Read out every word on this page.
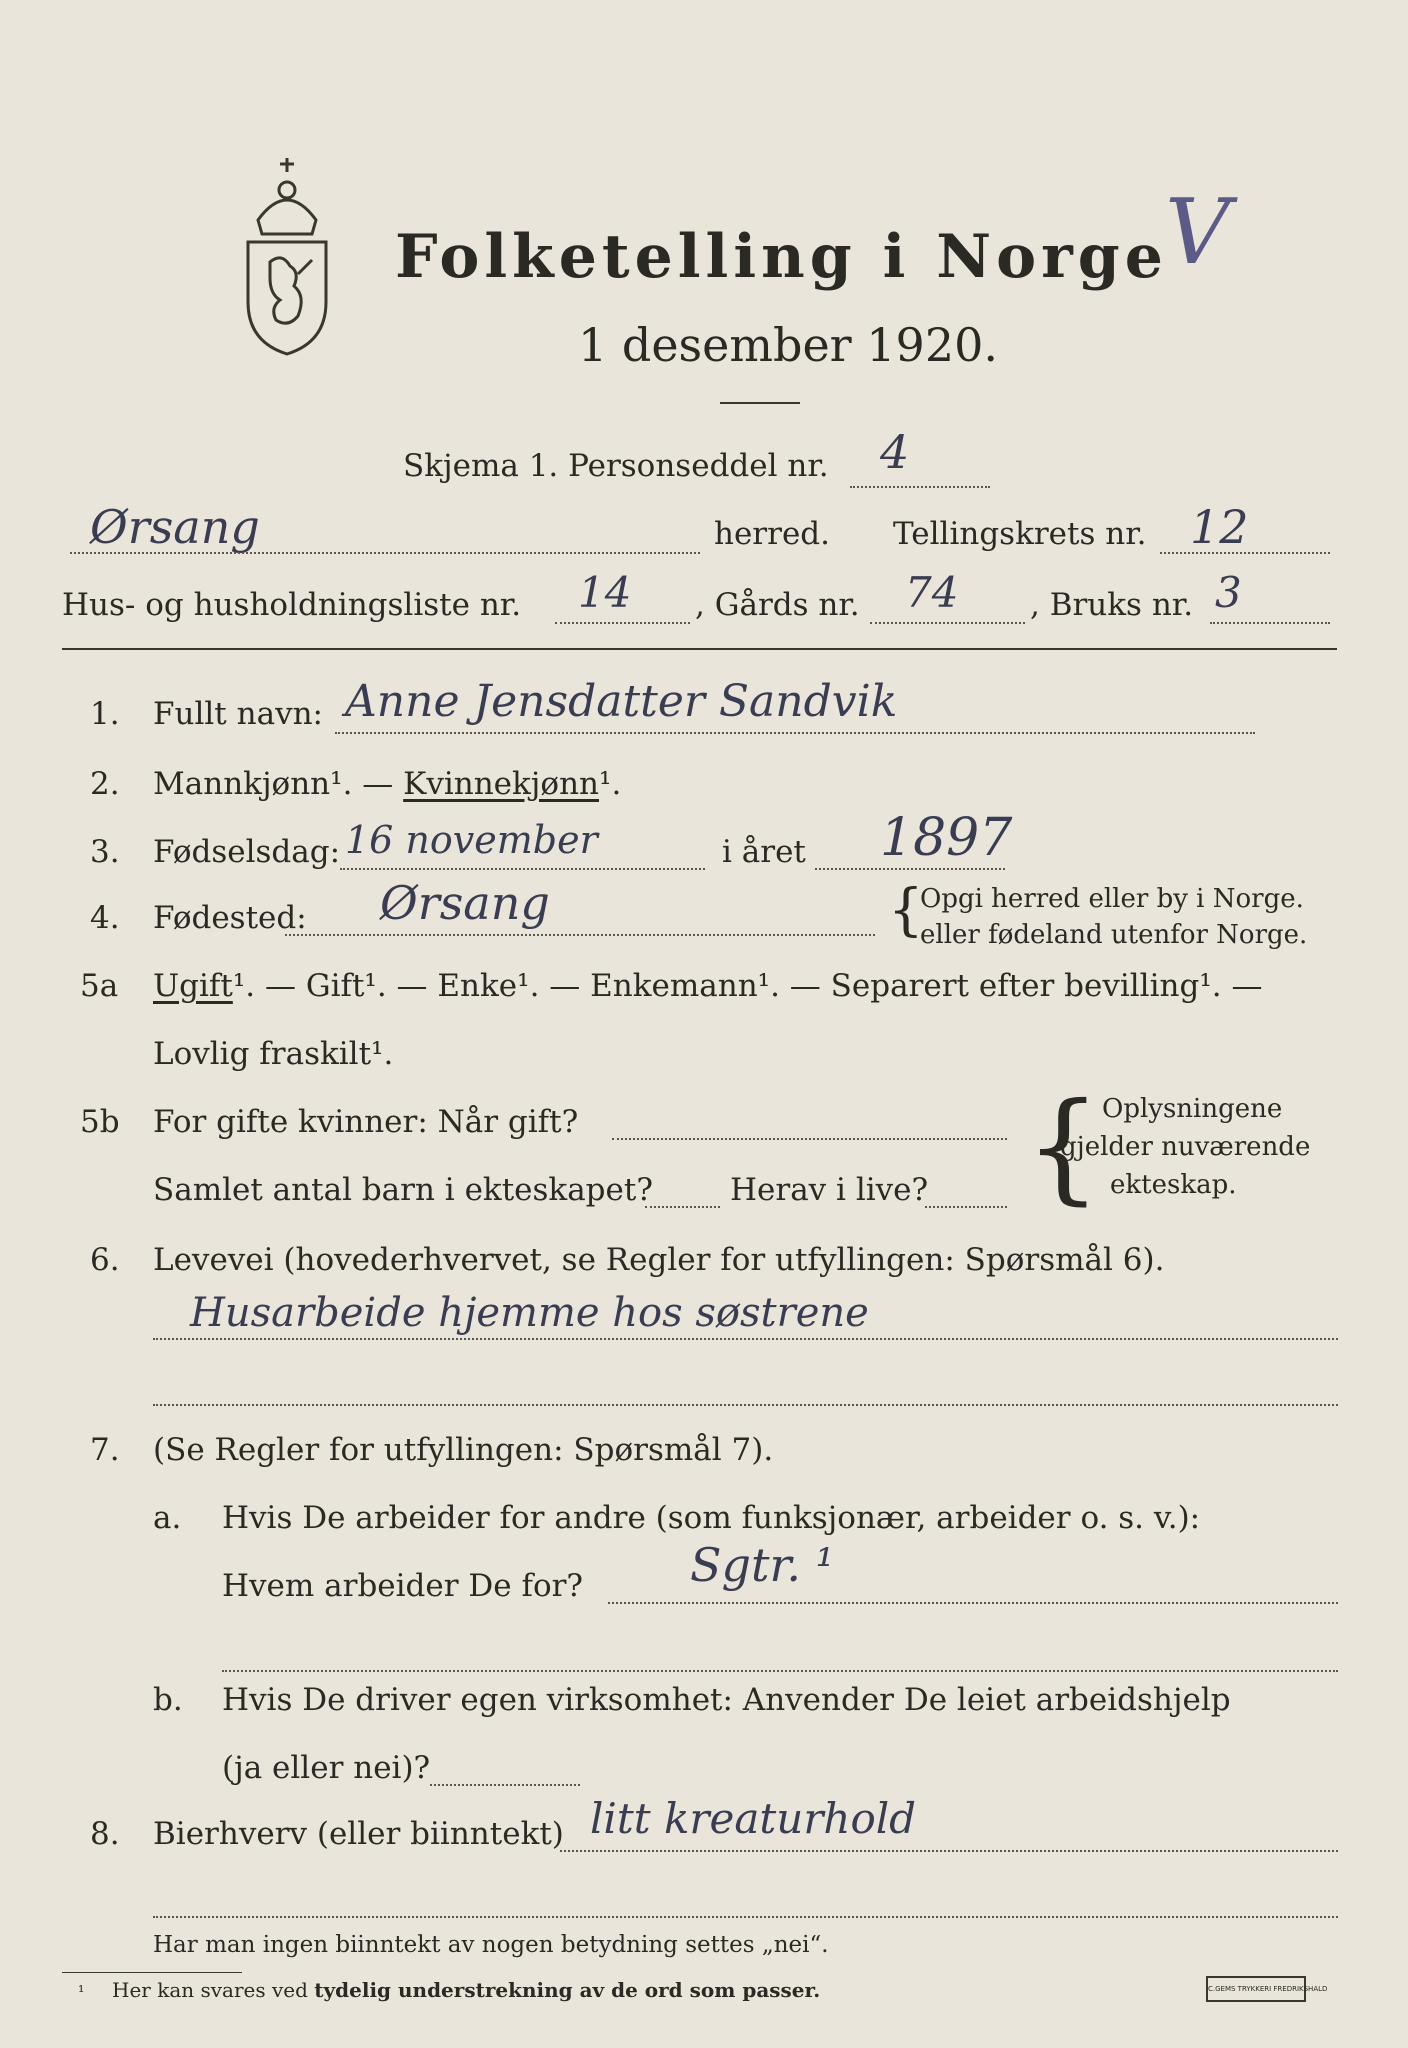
Folketelling i Norge
V
1 desember 1920.
Skjema 1. Personseddel nr. 4
Ørsang	herred. Tellingskrets nr. 12
Hus- og husholdningsliste nr. 14 , Gårds nr. 74 , Bruks nr. 3
1. Fullt navn: Anne Jensdatter Sandvik
2. Mannkjønn¹. — Kvinnekjønn¹.
3. Fødselsdag: 16 november	i året 1897
4. Fødested: Ørsang	{
Opgi herred eller by i Norge.
eller fødeland utenfor Norge.
5a Ugift¹. — Gift¹. — Enke¹. — Enkemann¹. — Separert efter bevilling¹. —
Lovlig fraskilt¹.
5b For gifte kvinner: Når gift?
Samlet antal barn i ekteskapet? Herav i live? { Oplysningene
gjelder nuværende
ekteskap.
6. Levevei (hovederhvervet, se Regler for utfyllingen: Spørsmål 6).
Husarbeide hjemme hos søstrene
7. (Se Regler for utfyllingen: Spørsmål 7).
a. Hvis De arbeider for andre (som funksjonær, arbeider o. s. v.):
Hvem arbeider De for? Sgtr. ¹
b. Hvis De driver egen virksomhet: Anvender De leiet arbeidshjelp
(ja eller nei)?
8. Bierhverv (eller biinntekt) litt kreaturhold
Har man ingen biinntekt av nogen betydning settes „nei“.
¹ Her kan svares ved tydelig understrekning av de ord som passer.	C.GEMS TRYKKERI FREDRIKSHALD
